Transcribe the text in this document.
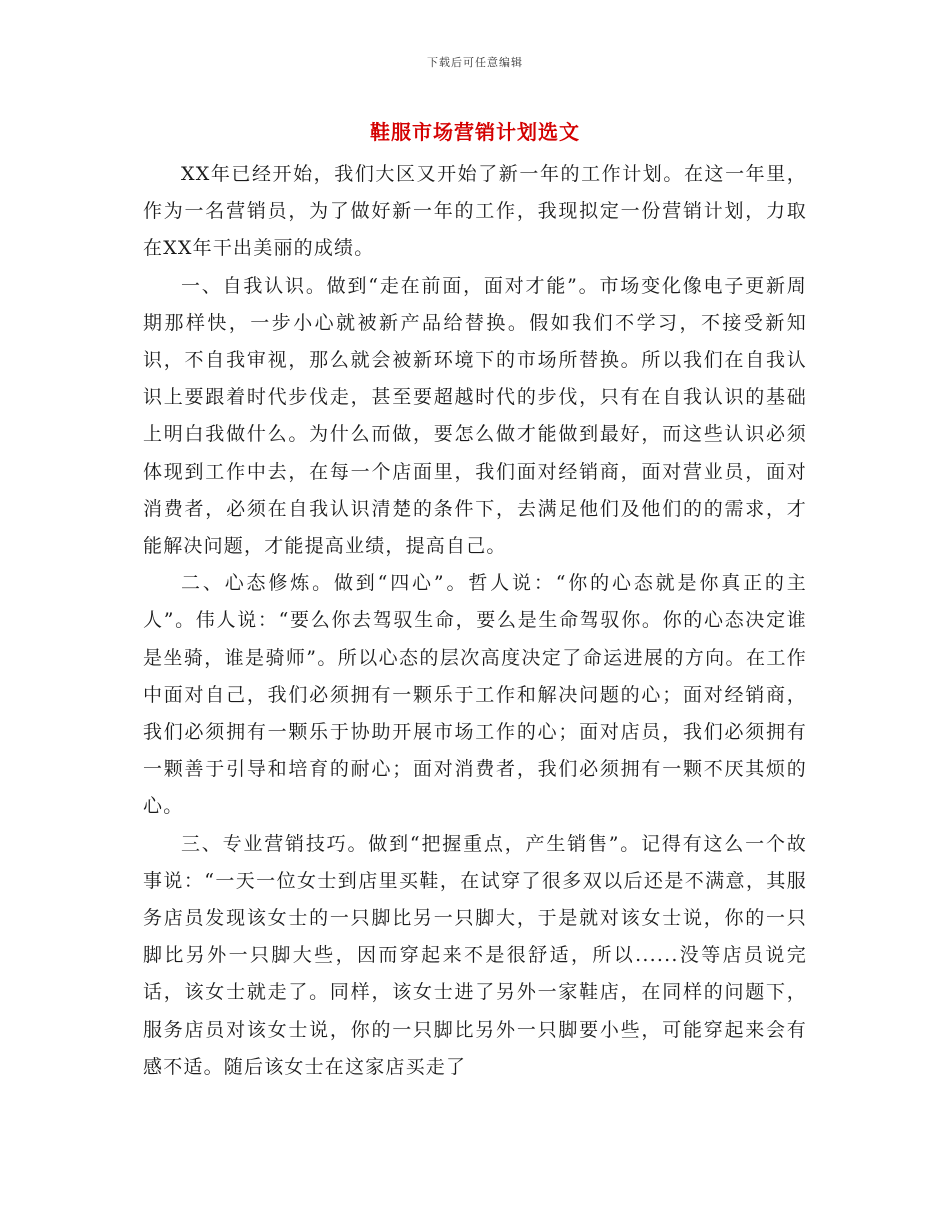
下载后可任意编辑
鞋服市场营销计划选文

XX年已经开始，我们大区又开始了新一年的工作计划。在这一年里，作为一名营销员，为了做好新一年的工作，我现拟定一份营销计划，力取在XX年干出美丽的成绩。

一、自我认识。做到“走在前面，面对才能”。市场变化像电子更新周期那样快，一步小心就被新产品给替换。假如我们不学习，不接受新知识，不自我审视，那么就会被新环境下的市场所替换。所以我们在自我认识上要跟着时代步伐走，甚至要超越时代的步伐，只有在自我认识的基础上明白我做什么。为什么而做，要怎么做才能做到最好，而这些认识必须体现到工作中去，在每一个店面里，我们面对经销商，面对营业员，面对消费者，必须在自我认识清楚的条件下，去满足他们及他们的的需求，才能解决问题，才能提高业绩，提高自己。

二、心态修炼。做到“四心”。哲人说：“你的心态就是你真正的主人”。伟人说：“要么你去驾驭生命，要么是生命驾驭你。你的心态决定谁是坐骑，谁是骑师”。所以心态的层次高度决定了命运进展的方向。在工作中面对自己，我们必须拥有一颗乐于工作和解决问题的心；面对经销商，我们必须拥有一颗乐于协助开展市场工作的心；面对店员，我们必须拥有一颗善于引导和培育的耐心；面对消费者，我们必须拥有一颗不厌其烦的心。

三、专业营销技巧。做到“把握重点，产生销售”。记得有这么一个故事说：“一天一位女士到店里买鞋，在试穿了很多双以后还是不满意，其服务店员发现该女士的一只脚比另一只脚大，于是就对该女士说，你的一只脚比另外一只脚大些，因而穿起来不是很舒适，所以......没等店员说完话，该女士就走了。同样，该女士进了另外一家鞋店，在同样的问题下，服务店员对该女士说，你的一只脚比另外一只脚要小些，可能穿起来会有感不适。随后该女士在这家店买走了
